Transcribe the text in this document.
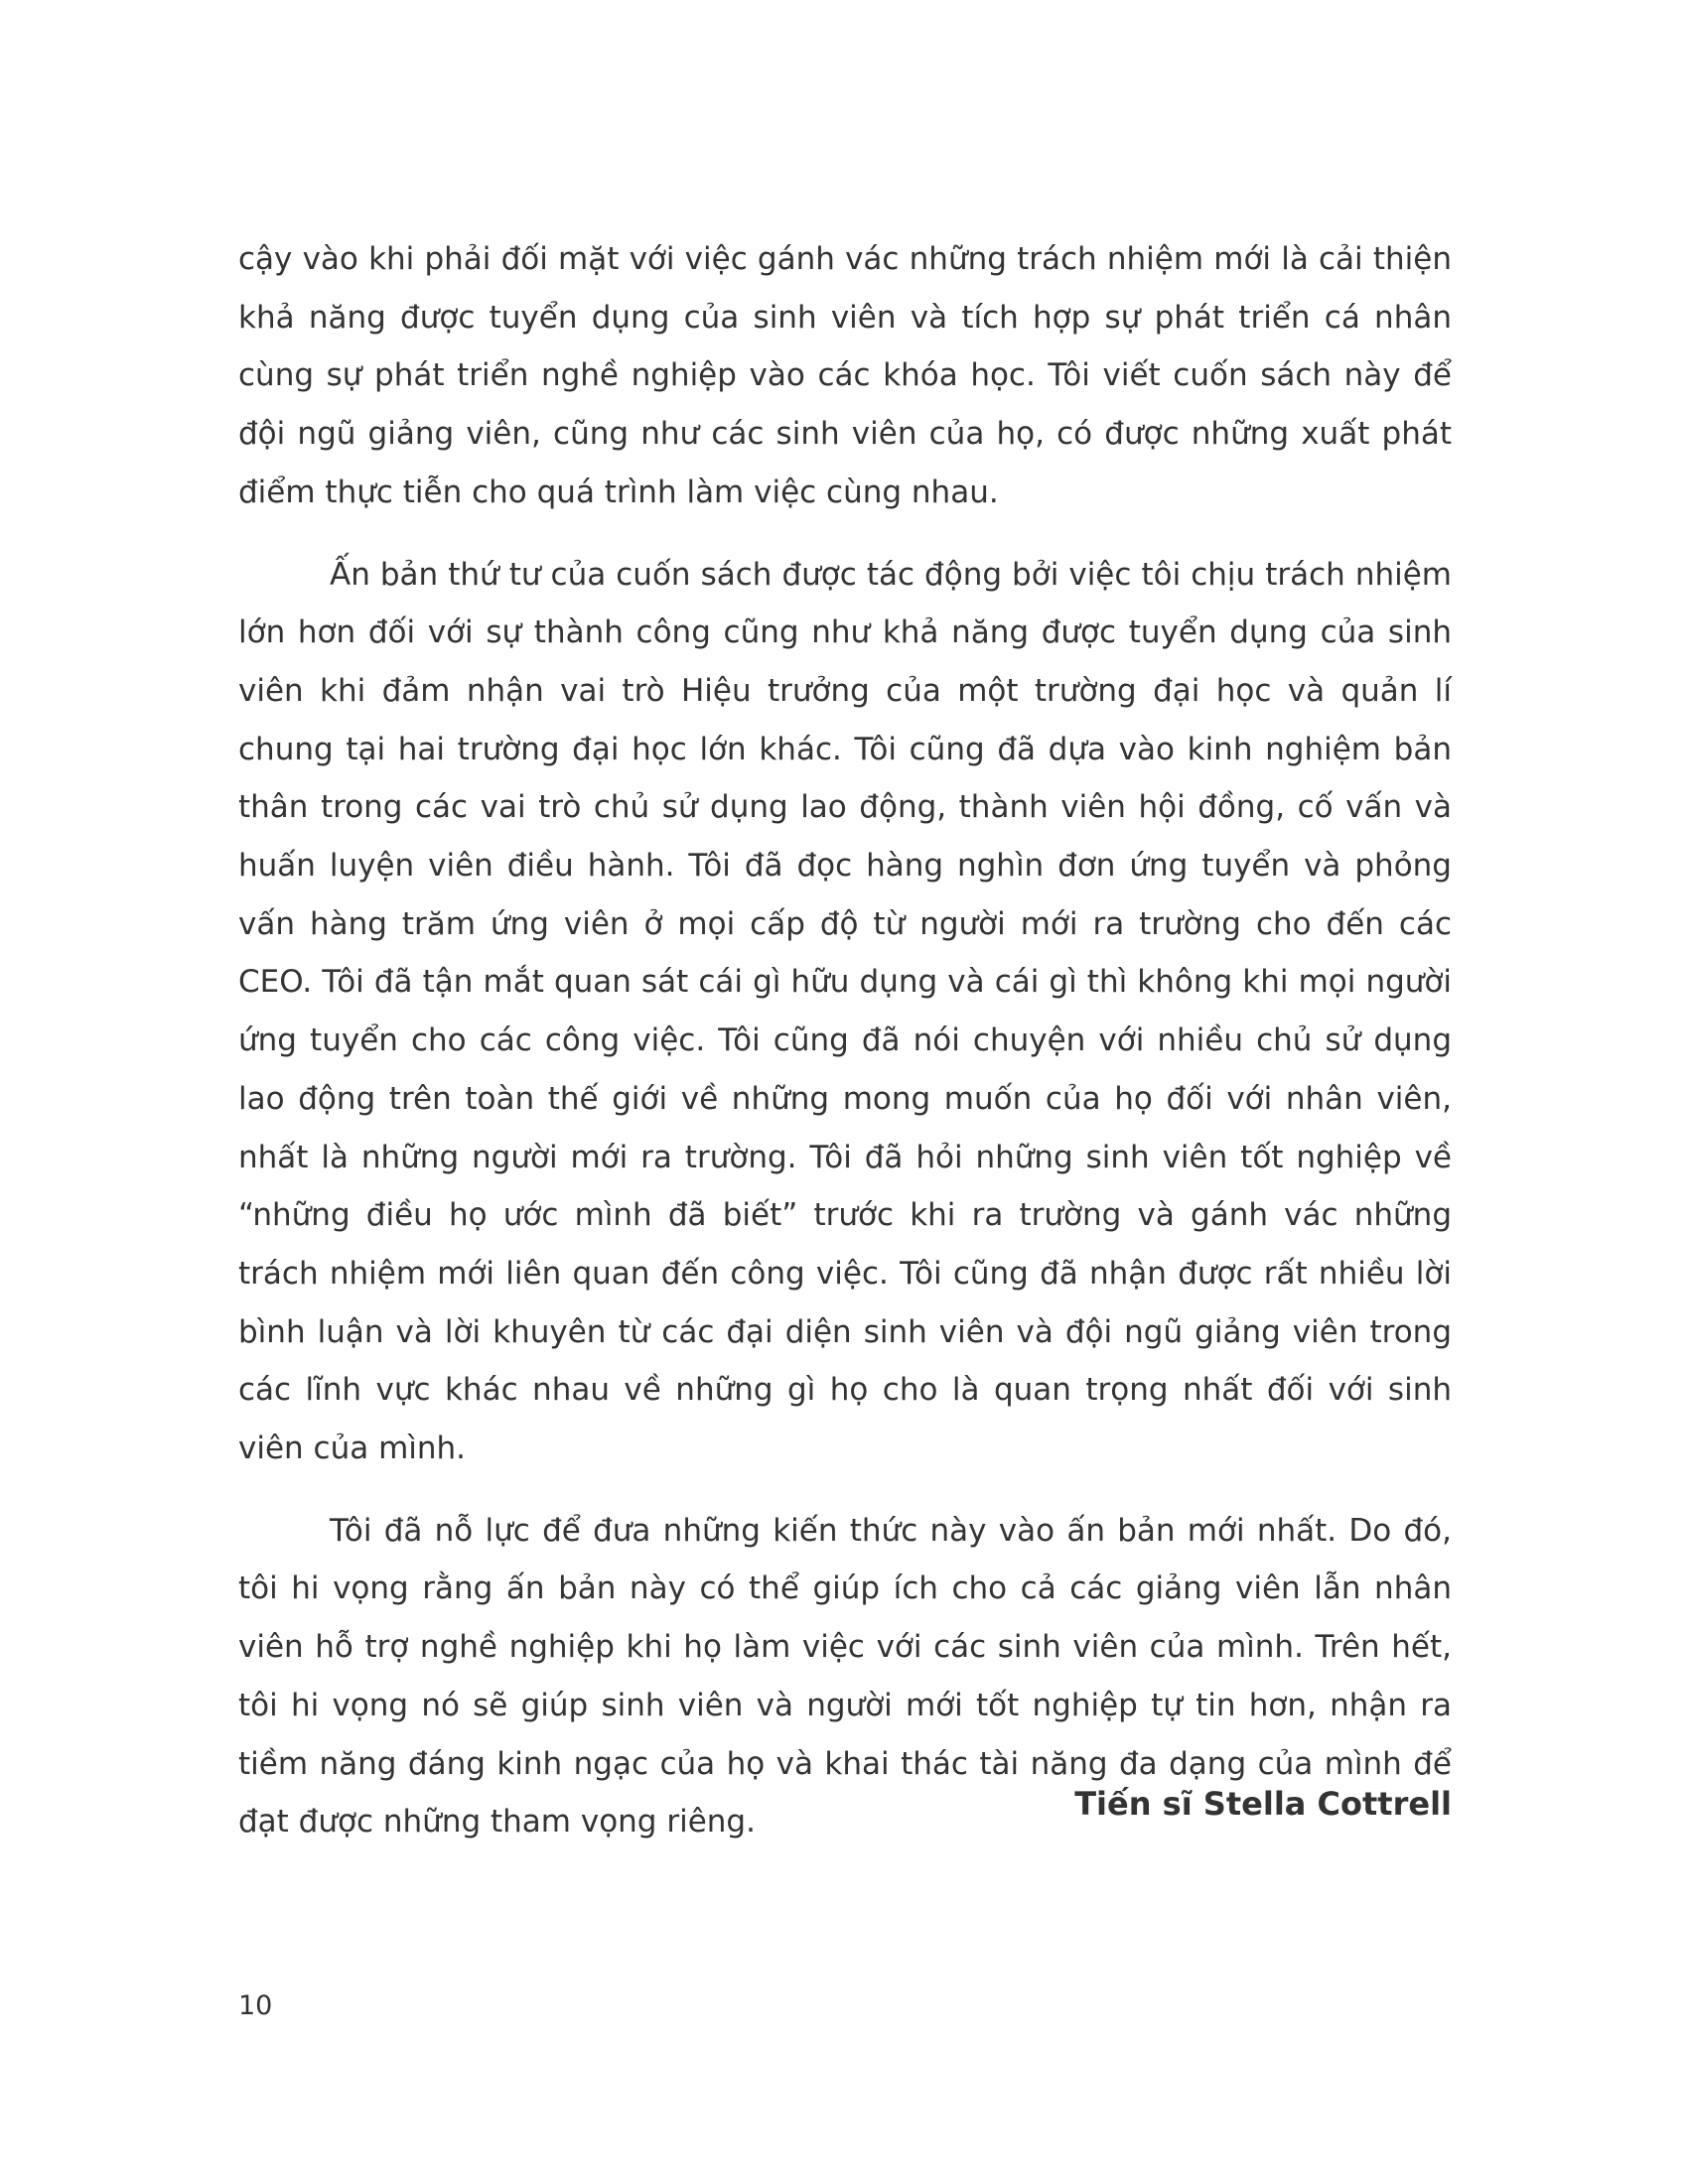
cậy vào khi phải đối mặt với việc gánh vác những trách nhiệm mới là cải thiện khả năng được tuyển dụng của sinh viên và tích hợp sự phát triển cá nhân cùng sự phát triển nghề nghiệp vào các khóa học. Tôi viết cuốn sách này để đội ngũ giảng viên, cũng như các sinh viên của họ, có được những xuất phát điểm thực tiễn cho quá trình làm việc cùng nhau.

Ấn bản thứ tư của cuốn sách được tác động bởi việc tôi chịu trách nhiệm lớn hơn đối với sự thành công cũng như khả năng được tuyển dụng của sinh viên khi đảm nhận vai trò Hiệu trưởng của một trường đại học và quản lí chung tại hai trường đại học lớn khác. Tôi cũng đã dựa vào kinh nghiệm bản thân trong các vai trò chủ sử dụng lao động, thành viên hội đồng, cố vấn và huấn luyện viên điều hành. Tôi đã đọc hàng nghìn đơn ứng tuyển và phỏng vấn hàng trăm ứng viên ở mọi cấp độ từ người mới ra trường cho đến các CEO. Tôi đã tận mắt quan sát cái gì hữu dụng và cái gì thì không khi mọi người ứng tuyển cho các công việc. Tôi cũng đã nói chuyện với nhiều chủ sử dụng lao động trên toàn thế giới về những mong muốn của họ đối với nhân viên, nhất là những người mới ra trường. Tôi đã hỏi những sinh viên tốt nghiệp về “những điều họ ước mình đã biết” trước khi ra trường và gánh vác những trách nhiệm mới liên quan đến công việc. Tôi cũng đã nhận được rất nhiều lời bình luận và lời khuyên từ các đại diện sinh viên và đội ngũ giảng viên trong các lĩnh vực khác nhau về những gì họ cho là quan trọng nhất đối với sinh viên của mình.

Tôi đã nỗ lực để đưa những kiến thức này vào ấn bản mới nhất. Do đó, tôi hi vọng rằng ấn bản này có thể giúp ích cho cả các giảng viên lẫn nhân viên hỗ trợ nghề nghiệp khi họ làm việc với các sinh viên của mình. Trên hết, tôi hi vọng nó sẽ giúp sinh viên và người mới tốt nghiệp tự tin hơn, nhận ra tiềm năng đáng kinh ngạc của họ và khai thác tài năng đa dạng của mình để đạt được những tham vọng riêng.	Tiến sĩ Stella Cottrell

10
